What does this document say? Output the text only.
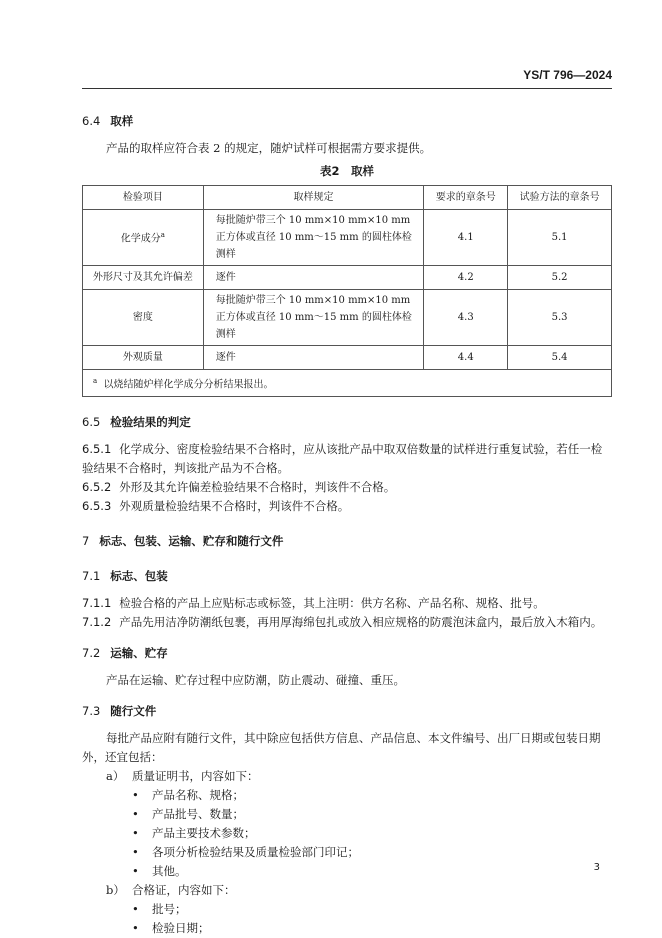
YS/T 796—2024
6.4 取样
产品的取样应符合表 2 的规定，随炉试样可根据需方要求提供。
表2　取样
检验项目	取样规定	要求的章条号	试验方法的章条号
化学成分$^a$	每批随炉带三个 10 mm×10 mm×10 mm 正方体或直径 10 mm～15 mm 的圆柱体检测样	4.1	5.1
外形尺寸及其允许偏差	逐件	4.2	5.2
密度	每批随炉带三个 10 mm×10 mm×10 mm 正方体或直径 10 mm～15 mm 的圆柱体检测样	4.3	5.3
外观质量	逐件	4.4	5.4
$^a$ 以烧结随炉样化学成分分析结果报出。			
6.5 检验结果的判定
6.5.1 化学成分、密度检验结果不合格时，应从该批产品中取双倍数量的试样进行重复试验，若任一检验结果不合格时，判该批产品为不合格。
6.5.2 外形及其允许偏差检验结果不合格时，判该件不合格。
6.5.3 外观质量检验结果不合格时，判该件不合格。
7 标志、包装、运输、贮存和随行文件
7.1 标志、包装
7.1.1 检验合格的产品上应贴标志或标签，其上注明：供方名称、产品名称、规格、批号。
7.1.2 产品先用洁净防潮纸包裹，再用厚海绵包扎或放入相应规格的防震泡沫盒内，最后放入木箱内。
7.2 运输、贮存
产品在运输、贮存过程中应防潮，防止震动、碰撞、重压。
7.3 随行文件
每批产品应附有随行文件，其中除应包括供方信息、产品信息、本文件编号、出厂日期或包装日期外，还宜包括：
a） 质量证明书，内容如下：
• 产品名称、规格；
• 产品批号、数量；
• 产品主要技术参数；
• 各项分析检验结果及质量检验部门印记；
• 其他。
b） 合格证，内容如下：
• 批号；
• 检验日期；
3
